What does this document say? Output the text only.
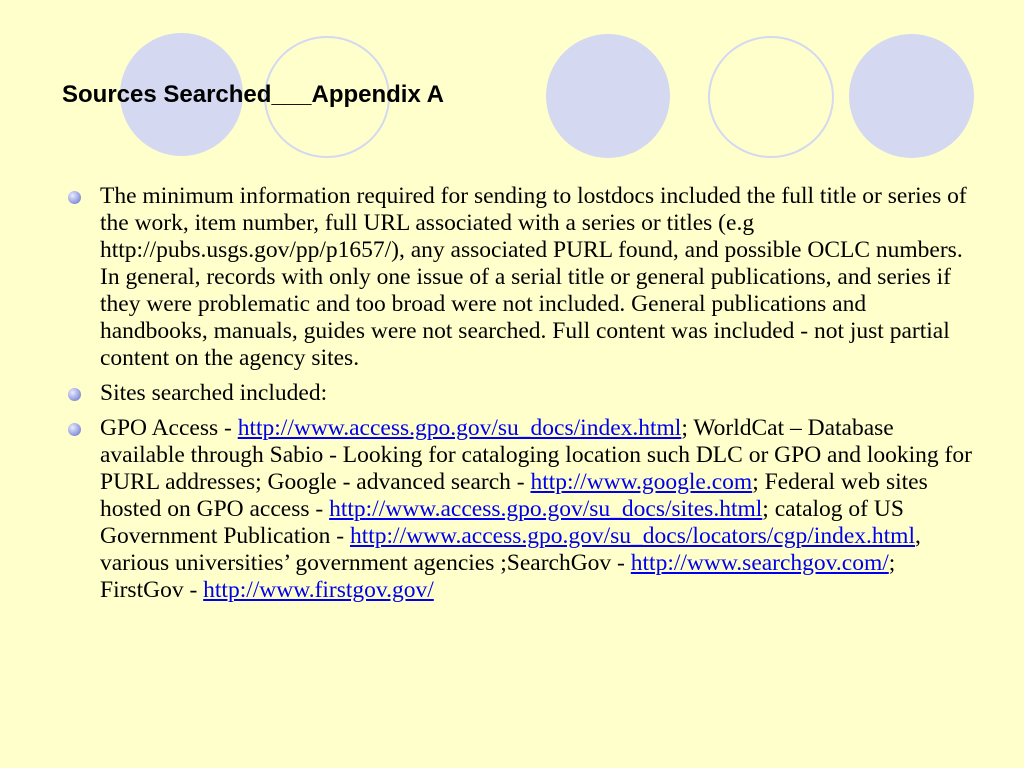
Sources Searched___Appendix A
The minimum information required for sending to lostdocs included the full title or series of the work, item number, full URL associated with a series or titles (e.g http://pubs.usgs.gov/pp/p1657/), any associated PURL found, and possible OCLC numbers. In general, records with only one issue of a serial title or general publications, and series if they were problematic and too broad were not included. General publications and handbooks, manuals, guides were not searched. Full content was included - not just partial content on the agency sites.
Sites searched included:
GPO Access - http://www.access.gpo.gov/su_docs/index.html; WorldCat – Database available through Sabio - Looking for cataloging location such DLC or GPO and looking for PURL addresses; Google - advanced search - http://www.google.com; Federal web sites hosted on GPO access - http://www.access.gpo.gov/su_docs/sites.html; catalog of US Government Publication - http://www.access.gpo.gov/su_docs/locators/cgp/index.html, various universities’ government agencies ;SearchGov - http://www.searchgov.com/; FirstGov - http://www.firstgov.gov/
